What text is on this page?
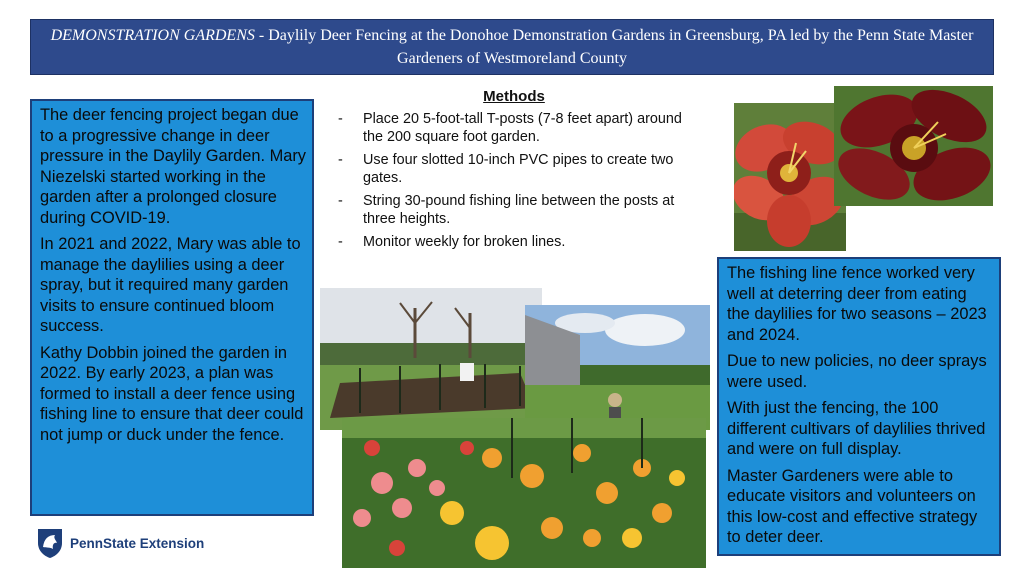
DEMONSTRATION GARDENS - Daylily Deer Fencing at the Donohoe Demonstration Gardens in Greensburg, PA led by the Penn State Master Gardeners of Westmoreland County

The deer fencing project began due to a progressive change in deer pressure in the Daylily Garden. Mary Niezelski started working in the garden after a prolonged closure during COVID-19.

In 2021 and 2022, Mary was able to manage the daylilies using a deer spray, but it required many garden visits to ensure continued bloom success.

Kathy Dobbin joined the garden in 2022. By early 2023, a plan was formed to install a deer fence using fishing line to ensure that deer could not jump or duck under the fence.

Methods
- Place 20 5-foot-tall T-posts (7-8 feet apart) around the 200 square foot garden.
- Use four slotted 10-inch PVC pipes to create two gates.
- String 30-pound fishing line between the posts at three heights.
- Monitor weekly for broken lines.

The fishing line fence worked very well at deterring deer from eating the daylilies for two seasons – 2023 and 2024.

Due to new policies, no deer sprays were used.

With just the fencing, the 100 different cultivars of daylilies thrived and were on full display.

Master Gardeners were able to educate visitors and volunteers on this low-cost and effective strategy to deter deer.

PennState Extension
